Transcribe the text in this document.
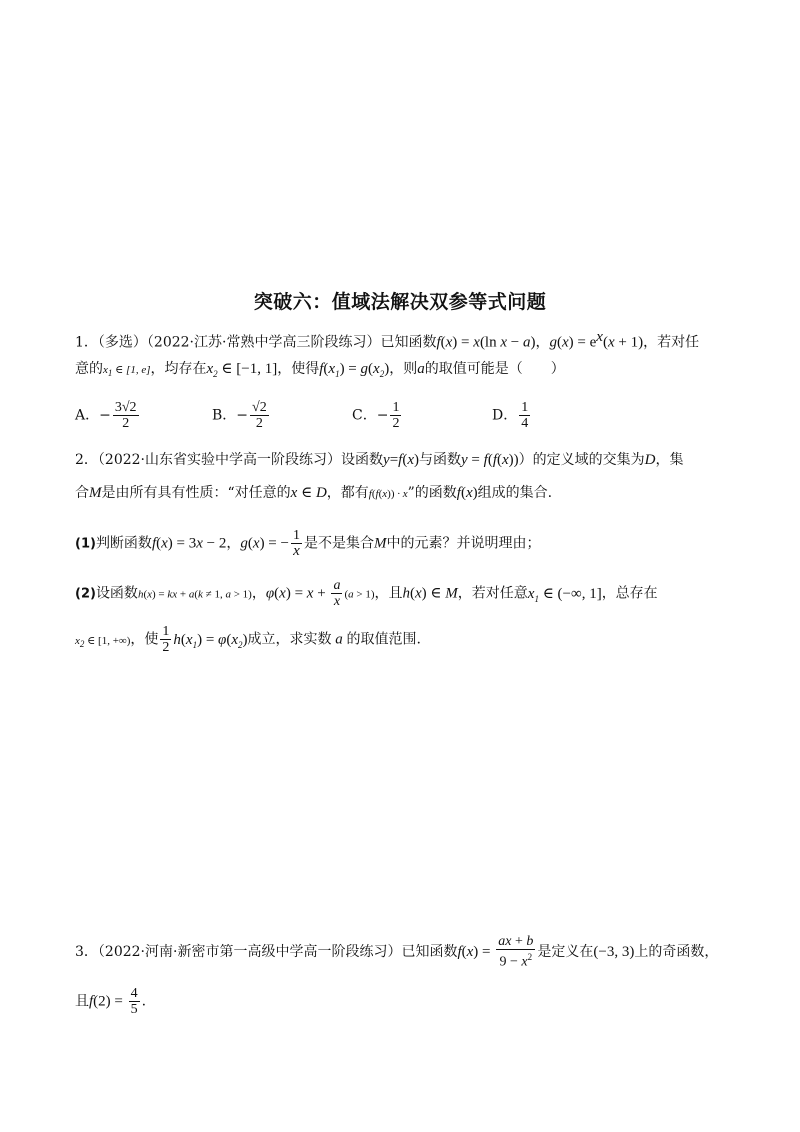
突破六：值域法解决双参等式问题
1．（多选）（2022·江苏·常熟中学高三阶段练习）已知函数f(x) = x(ln x − a)，$g(x) = e^x(x + 1)$，若对任
意的$x_1$ ∈ [1, e]，均存在$x_2$ ∈ [−1, 1]，使得$f(x_1) = g(x_2)$，则a的取值可能是（　　）
A．− $\frac{3√2}{2}$	B．− $\frac{√2}{2}$	C．− $\frac{1}{2}$	D． $\frac{1}{4}$
2．（2022·山东省实验中学高一阶段练习）设函数y=f(x)与函数y = f(f(x))）的定义域的交集为D，集
合M是由所有具有性质：“对任意的x ∈ D，都有f(f(x)) · x”的函数f(x)组成的集合.
(1)判断函数f(x) = 3x − 2，g(x) = − $\frac{1}{x}$ 是不是集合M中的元素？并说明理由；
(2)设函数h(x) = kx + a(k ≠ 1, a > 1)，$\varphi(x) = x + \frac{a}{x} (a > 1)$，且h(x) ∈ M，若对任意$x_1$ ∈ (−∞, 1]，总存在
$x_2$ ∈ [1, +∞)，使 $\frac{1}{2} h(x_1) = \varphi(x_2)$成立，求实数 a 的取值范围.
3．（2022·河南·新密市第一高级中学高一阶段练习）已知函数$f(x) = \frac{ax + b}{9 - x^2}$ 是定义在(−3, 3)上的奇函数，
且$f(2) = \frac{4}{5}$ .
